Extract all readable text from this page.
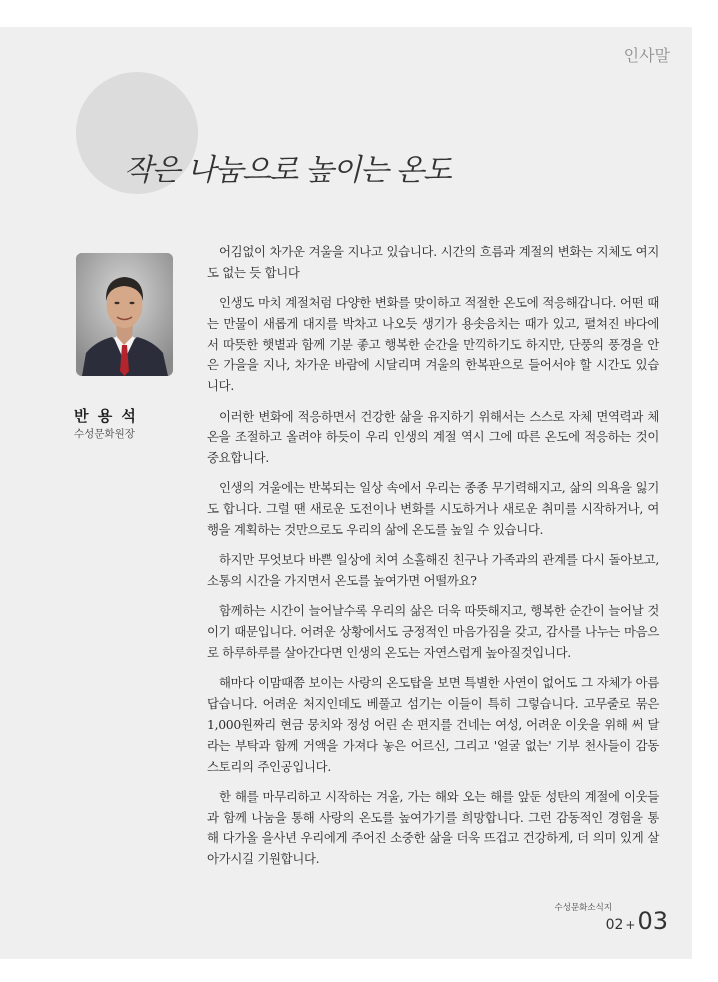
인사말
작은 나눔으로 높이는 온도
반 용 석
수성문화원장

어김없이 차가운 겨울을 지나고 있습니다. 시간의 흐름과 계절의 변화는 지체도 여지도 없는 듯 합니다

인생도 마치 계절처럼 다양한 변화를 맞이하고 적절한 온도에 적응해갑니다. 어떤 때는 만물이 새롭게 대지를 박차고 나오듯 생기가 용솟음치는 때가 있고, 펼쳐진 바다에서 따뜻한 햇볕과 함께 기분 좋고 행복한 순간을 만끽하기도 하지만, 단풍의 풍경을 안은 가을을 지나, 차가운 바람에 시달리며 겨울의 한복판으로 들어서야 할 시간도 있습니다.

이러한 변화에 적응하면서 건강한 삶을 유지하기 위해서는 스스로 자체 면역력과 체온을 조절하고 올려야 하듯이 우리 인생의 계절 역시 그에 따른 온도에 적응하는 것이 중요합니다.

인생의 겨울에는 반복되는 일상 속에서 우리는 종종 무기력해지고, 삶의 의욕을 잃기도 합니다. 그럴 땐 새로운 도전이나 변화를 시도하거나 새로운 취미를 시작하거나, 여행을 계획하는 것만으로도 우리의 삶에 온도를 높일 수 있습니다.

하지만 무엇보다 바쁜 일상에 치여 소홀해진 친구나 가족과의 관계를 다시 돌아보고, 소통의 시간을 가지면서 온도를 높여가면 어떨까요?

함께하는 시간이 늘어날수록 우리의 삶은 더욱 따뜻해지고, 행복한 순간이 늘어날 것이기 때문입니다. 어려운 상황에서도 긍정적인 마음가짐을 갖고, 감사를 나누는 마음으로 하루하루를 살아간다면 인생의 온도는 자연스럽게 높아질것입니다.

해마다 이맘때쯤 보이는 사랑의 온도탑을 보면 특별한 사연이 없어도 그 자체가 아름답습니다. 어려운 처지인데도 베풀고 섬기는 이들이 특히 그렇습니다. 고무줄로 묶은 1,000원짜리 현금 뭉치와 정성 어린 손 편지를 건네는 여성, 어려운 이웃을 위해 써 달라는 부탁과 함께 거액을 가져다 놓은 어르신, 그리고 '얼굴 없는' 기부 천사들이 감동 스토리의 주인공입니다.

한 해를 마무리하고 시작하는 겨울, 가는 해와 오는 해를 앞둔 성탄의 계절에 이웃들과 함께 나눔을 통해 사랑의 온도를 높여가기를 희망합니다. 그런 감동적인 경험을 통해 다가올 을사년 우리에게 주어진 소중한 삶을 더욱 뜨겁고 건강하게, 더 의미 있게 살아가시길 기원합니다.

수성문화소식지
02 +03
